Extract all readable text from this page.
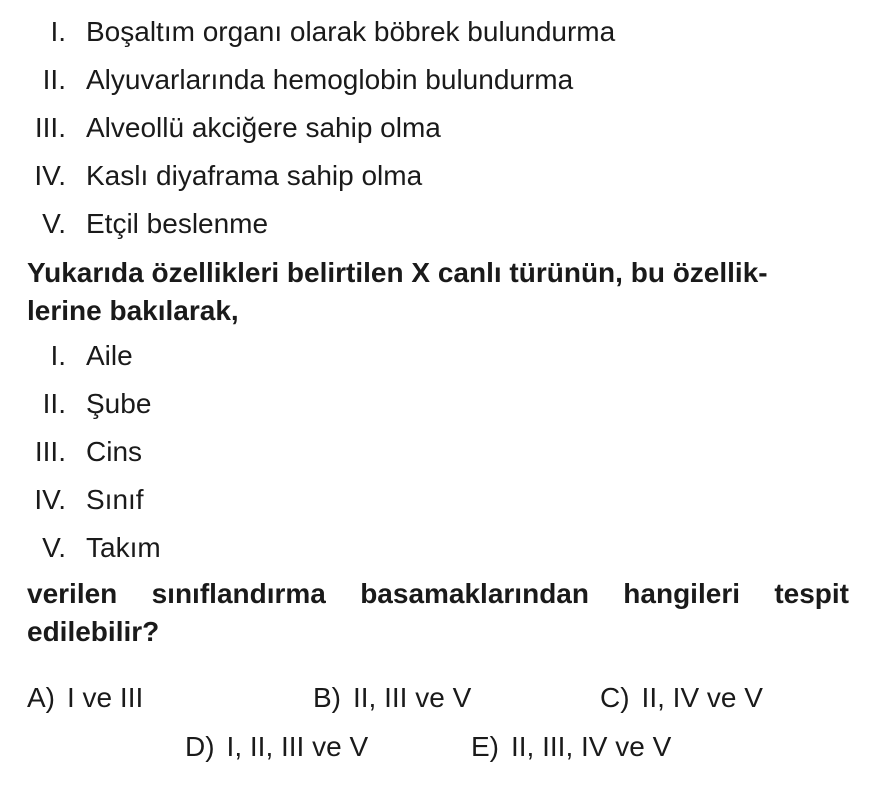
I. Boşaltım organı olarak böbrek bulundurma
II. Alyuvarlarında hemoglobin bulundurma
III. Alveollü akciğere sahip olma
IV. Kaslı diyaframa sahip olma
V. Etçil beslenme

Yukarıda özellikleri belirtilen X canlı türünün, bu özellik-
lerine bakılarak,

I. Aile
II. Şube
III. Cins
IV. Sınıf
V. Takım

verilen sınıflandırma basamaklarından hangileri tespit
edilebilir?

A) I ve III	B) II, III ve V	C) II, IV ve V
D) I, II, III ve V	E) II, III, IV ve V
